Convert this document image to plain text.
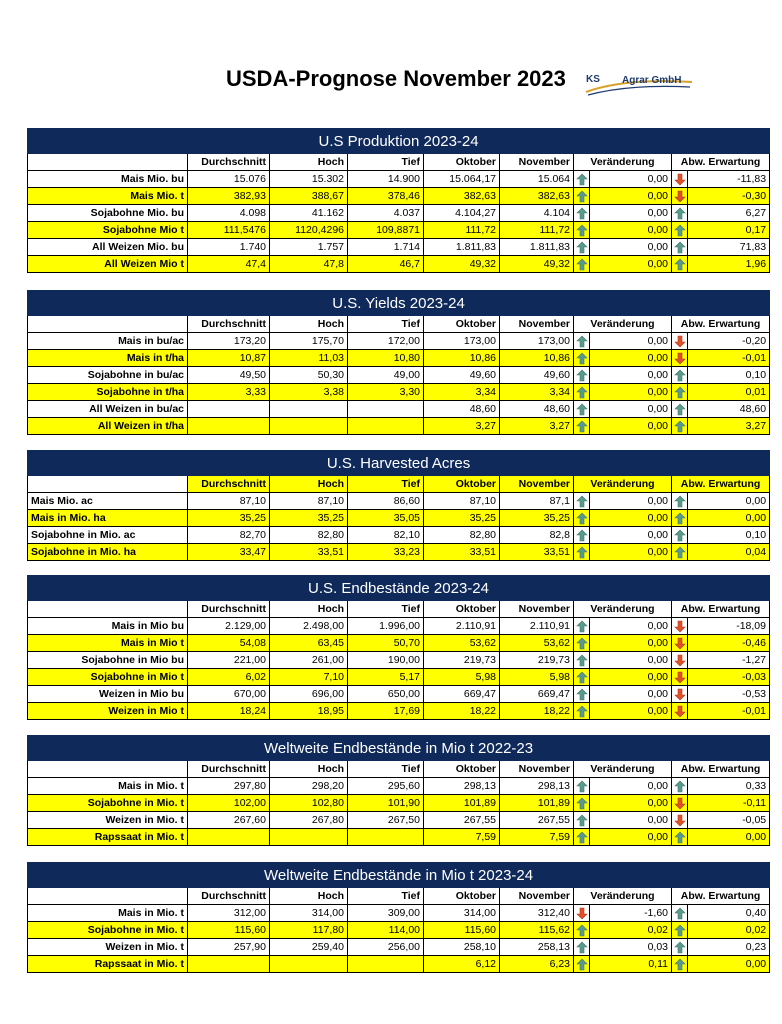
USDA-Prognose November 2023 KS Agrar GmbH
U.S Produktion 2023-24									
	Durchschnitt	Hoch	Tief	Oktober	November	Veränderung		Abw. Erwartung	
Mais Mio. bu	15.076	15.302	14.900	15.064,17	15.064		0,00		-11,83
Mais Mio. t	382,93	388,67	378,46	382,63	382,63		0,00		-0,30
Sojabohne Mio. bu	4.098	41.162	4.037	4.104,27	4.104		0,00		6,27
Sojabohne Mio t	111,5476	1120,4296	109,8871	111,72	111,72		0,00		0,17
All Weizen Mio. bu	1.740	1.757	1.714	1.811,83	1.811,83		0,00		71,83
All Weizen Mio t	47,4	47,8	46,7	49,32	49,32		0,00		1,96
U.S. Yields 2023-24									
	Durchschnitt	Hoch	Tief	Oktober	November	Veränderung		Abw. Erwartung	
Mais in bu/ac	173,20	175,70	172,00	173,00	173,00		0,00		-0,20
Mais in t/ha	10,87	11,03	10,80	10,86	10,86		0,00		-0,01
Sojabohne in bu/ac	49,50	50,30	49,00	49,60	49,60		0,00		0,10
Sojabohne in t/ha	3,33	3,38	3,30	3,34	3,34		0,00		0,01
All Weizen in bu/ac				48,60	48,60		0,00		48,60
All Weizen in t/ha				3,27	3,27		0,00		3,27
U.S. Harvested Acres									
	Durchschnitt	Hoch	Tief	Oktober	November	Veränderung		Abw. Erwartung	
Mais Mio. ac	87,10	87,10	86,60	87,10	87,1		0,00		0,00
Mais in Mio. ha	35,25	35,25	35,05	35,25	35,25		0,00		0,00
Sojabohne in Mio. ac	82,70	82,80	82,10	82,80	82,8		0,00		0,10
Sojabohne in Mio. ha	33,47	33,51	33,23	33,51	33,51		0,00		0,04
U.S. Endbestände 2023-24									
	Durchschnitt	Hoch	Tief	Oktober	November	Veränderung		Abw. Erwartung	
Mais in Mio bu	2.129,00	2.498,00	1.996,00	2.110,91	2.110,91		0,00		-18,09
Mais in Mio t	54,08	63,45	50,70	53,62	53,62		0,00		-0,46
Sojabohne in Mio bu	221,00	261,00	190,00	219,73	219,73		0,00		-1,27
Sojabohne in Mio t	6,02	7,10	5,17	5,98	5,98		0,00		-0,03
Weizen in Mio bu	670,00	696,00	650,00	669,47	669,47		0,00		-0,53
Weizen in Mio t	18,24	18,95	17,69	18,22	18,22		0,00		-0,01
Weltweite Endbestände in Mio t 2022-23									
	Durchschnitt	Hoch	Tief	Oktober	November	Veränderung		Abw. Erwartung	
Mais in Mio. t	297,80	298,20	295,60	298,13	298,13		0,00		0,33
Sojabohne in Mio. t	102,00	102,80	101,90	101,89	101,89		0,00		-0,11
Weizen in Mio. t	267,60	267,80	267,50	267,55	267,55		0,00		-0,05
Rapssaat in Mio. t				7,59	7,59		0,00		0,00
Weltweite Endbestände in Mio t 2023-24									
	Durchschnitt	Hoch	Tief	Oktober	November	Veränderung		Abw. Erwartung	
Mais in Mio. t	312,00	314,00	309,00	314,00	312,40		-1,60		0,40
Sojabohne in Mio. t	115,60	117,80	114,00	115,60	115,62		0,02		0,02
Weizen in Mio. t	257,90	259,40	256,00	258,10	258,13		0,03		0,23
Rapssaat in Mio. t				6,12	6,23		0,11		0,00
